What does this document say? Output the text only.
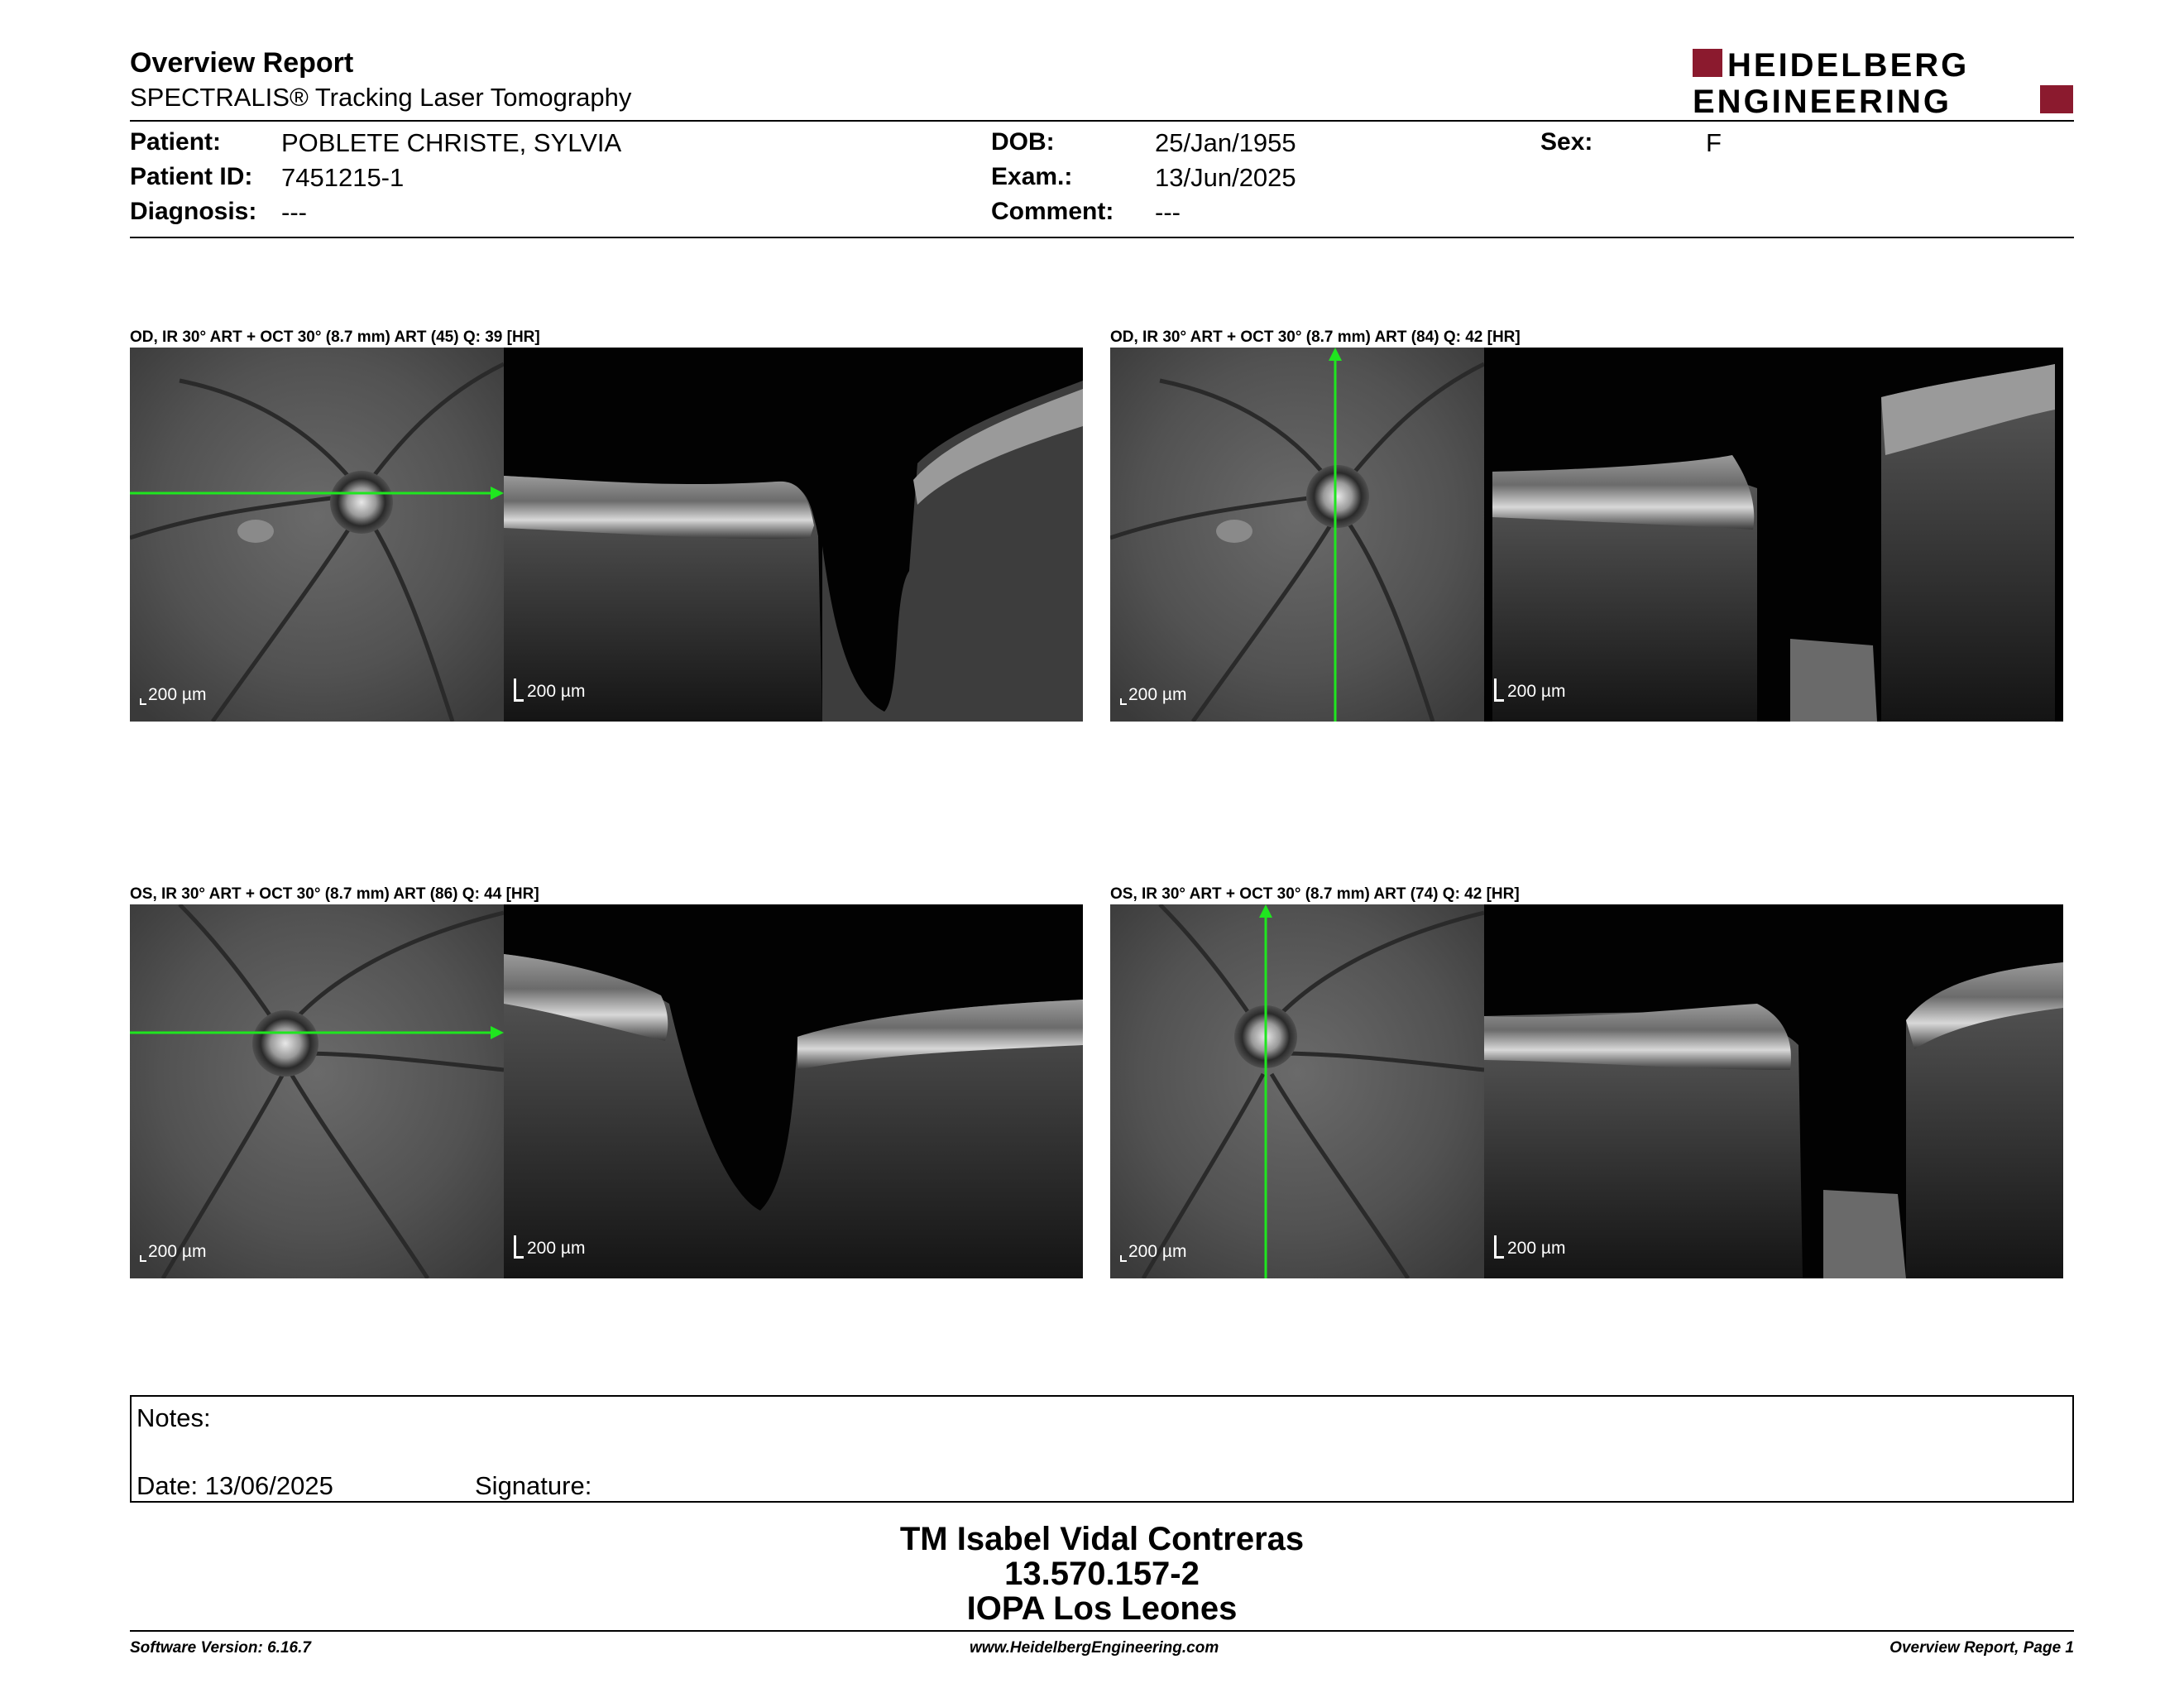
Overview Report
SPECTRALIS® Tracking Laser Tomography
HEIDELBERG
ENGINEERING
Patient: POBLETE CHRISTE, SYLVIA
Patient ID: 7451215-1
Diagnosis: ---
DOB:	25/Jan/1955
Exam.:	13/Jun/2025
Comment: ---
Sex:	F
OD, IR 30° ART + OCT 30° (8.7 mm) ART (45) Q: 39 [HR]
200 µm	200 µm
OD, IR 30° ART + OCT 30° (8.7 mm) ART (84) Q: 42 [HR]
200 µm	200 µm
OS, IR 30° ART + OCT 30° (8.7 mm) ART (86) Q: 44 [HR]
200 µm	200 µm
OS, IR 30° ART + OCT 30° (8.7 mm) ART (74) Q: 42 [HR]
200 µm	200 µm
Notes:
Date: 13/06/2025	Signature:
TM Isabel Vidal Contreras
13.570.157-2
IOPA Los Leones
Software Version: 6.16.7	www.HeidelbergEngineering.com	Overview Report, Page 1
